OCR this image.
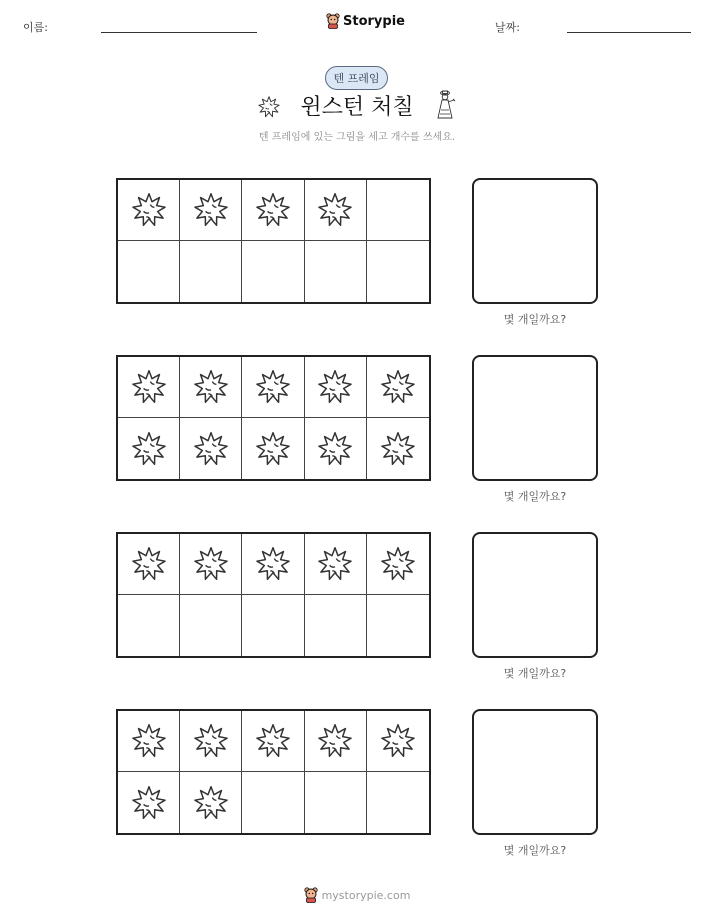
이름:	Storypie	날짜:
텐 프레임
윈스턴 처칠
텐 프레임에 있는 그림을 세고 개수를 쓰세요.
몇 개일까요?
몇 개일까요?
몇 개일까요?
몇 개일까요?
mystorypie.com
